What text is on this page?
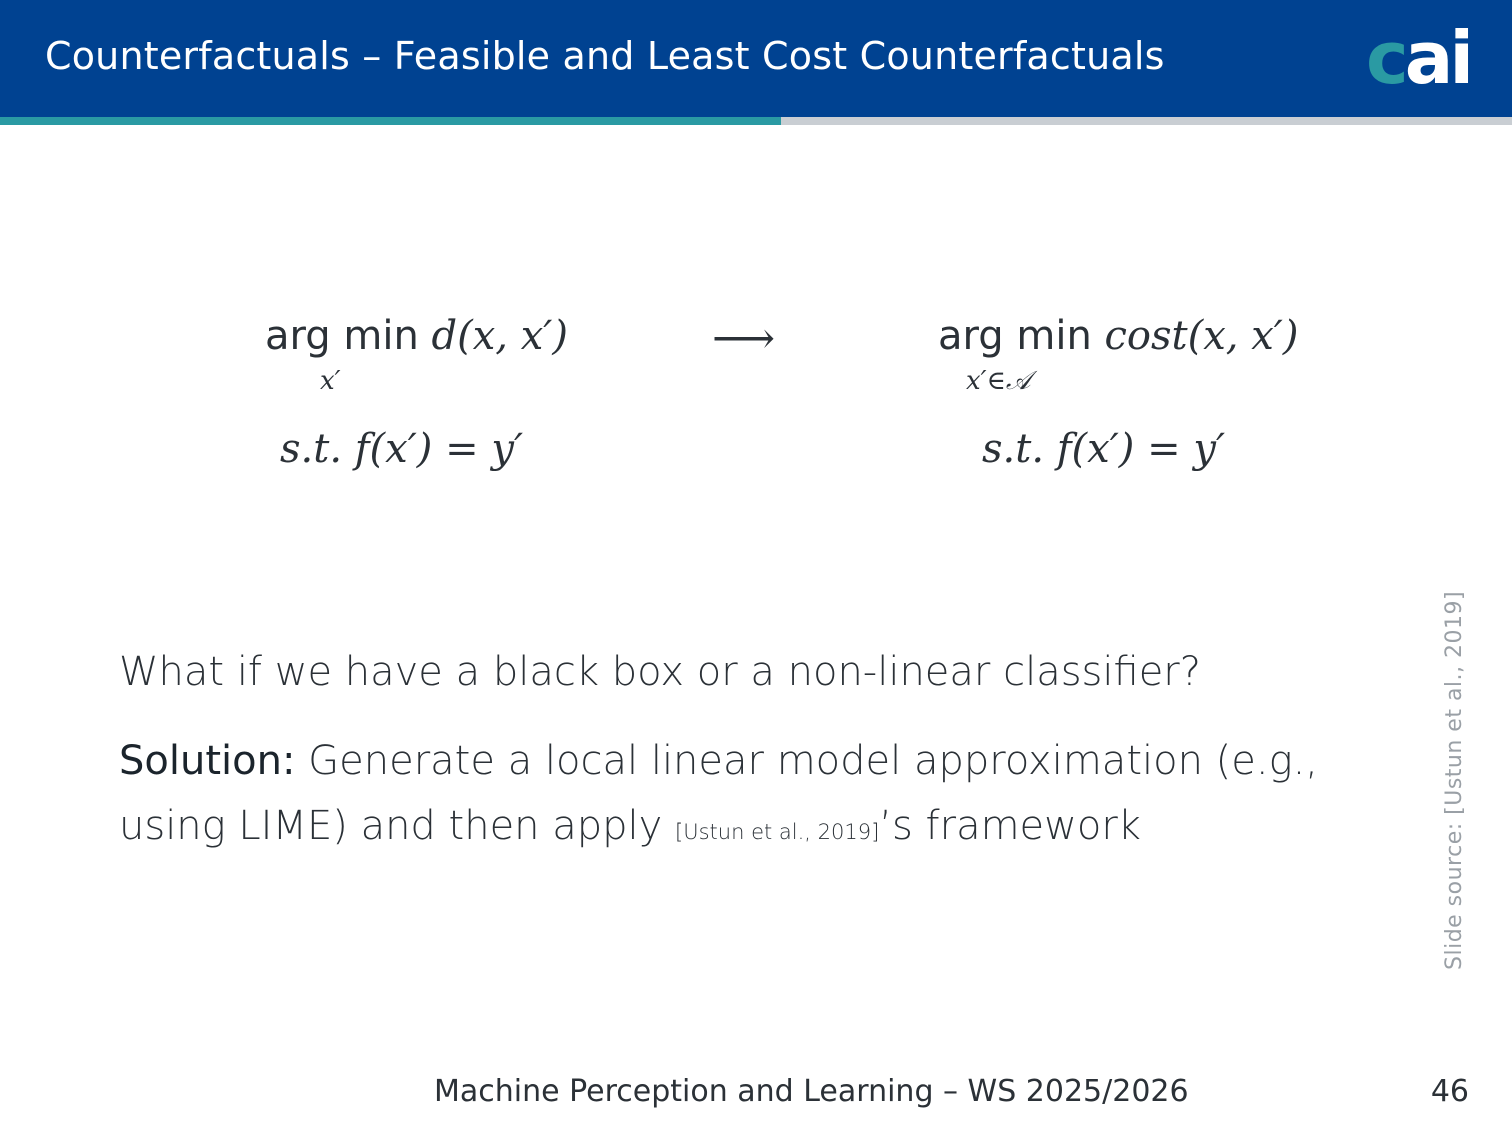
Counterfactuals – Feasible and Least Cost Counterfactuals	cai
arg min d(x, x′)
x′
s.t. f(x′) = y′
⟶	arg min cost(x, x′)
x′∈𝒜
s.t. f(x′) = y′
What if we have a black box or a non-linear classifier?
Solution: Generate a local linear model approximation (e.g.,
using LIME) and then apply [Ustun et al., 2019]’s framework	Slide source: [Ustun et al., 2019]
Machine Perception and Learning – WS 2025/2026	46
